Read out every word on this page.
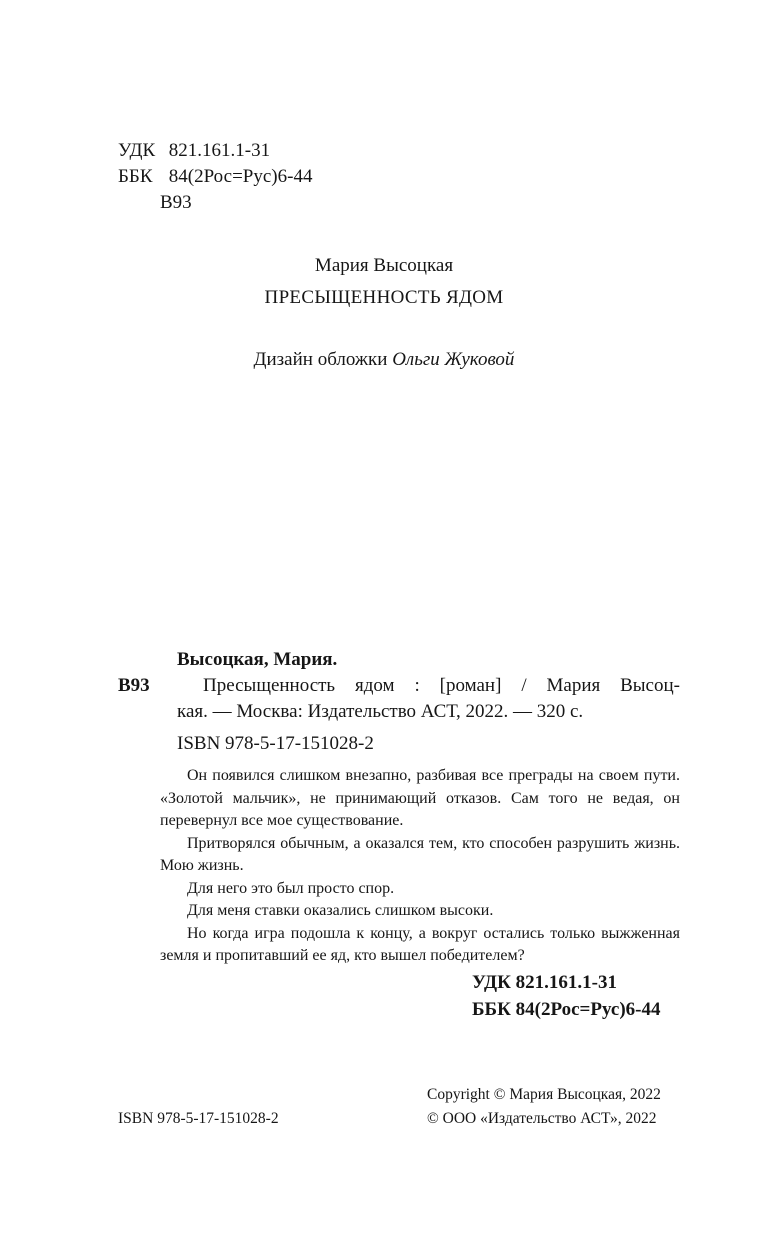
УДК 821.161.1-31
ББК 84(2Рос=Рус)6-44
В93
Мария Высоцкая
ПРЕСЫЩЕННОСТЬ ЯДОМ
Дизайн обложки Ольги Жуковой
Высоцкая, Мария.
В93	Пресыщенность ядом : [роман] / Мария Высоц-
кая. — Москва: Издательство АСТ, 2022. — 320 с.
ISBN 978-5-17-151028-2

Он появился слишком внезапно, разбивая все преграды на своем пути. «Золотой мальчик», не принимающий отказов. Сам того не ведая, он перевернул все мое существование.

Притворялся обычным, а оказался тем, кто способен разрушить жизнь. Мою жизнь.

Для него это был просто спор.

Для меня ставки оказались слишком высоки.

Но когда игра подошла к концу, а вокруг остались только выжженная земля и пропитавший ее яд, кто вышел победителем?

УДК 821.161.1-31
ББК 84(2Рос=Рус)6-44
Copyright © Мария Высоцкая, 2022
ISBN 978-5-17-151028-2	© ООО «Издательство АСТ», 2022
